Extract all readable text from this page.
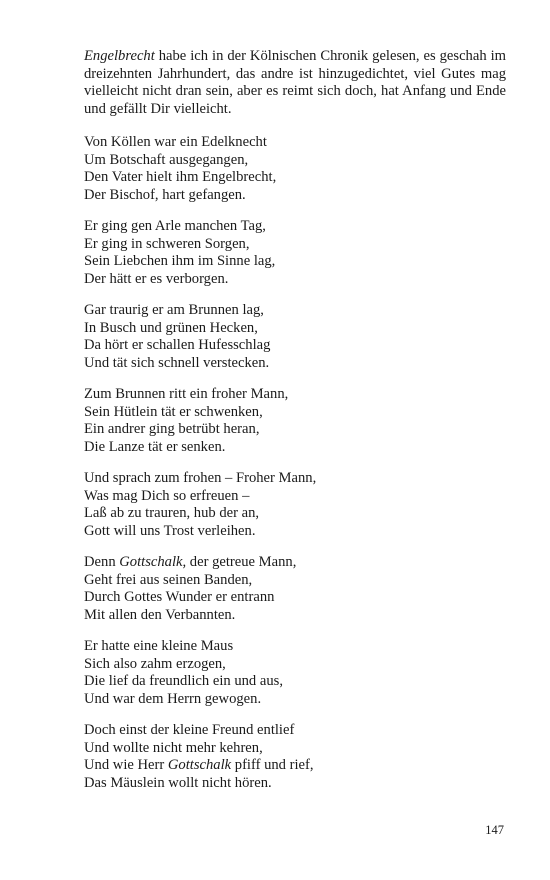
Engelbrecht habe ich in der Kölnischen Chronik gelesen, es geschah im dreizehnten Jahrhundert, das andre ist hinzugedichtet, viel Gutes mag vielleicht nicht dran sein, aber es reimt sich doch, hat Anfang und Ende und gefällt Dir vielleicht.

Von Köllen war ein Edelknecht
Um Botschaft ausgegangen,
Den Vater hielt ihm Engelbrecht,
Der Bischof, hart gefangen.
Er ging gen Arle manchen Tag,
Er ging in schweren Sorgen,
Sein Liebchen ihm im Sinne lag,
Der hätt er es verborgen.
Gar traurig er am Brunnen lag,
In Busch und grünen Hecken,
Da hört er schallen Hufesschlag
Und tät sich schnell verstecken.
Zum Brunnen ritt ein froher Mann,
Sein Hütlein tät er schwenken,
Ein andrer ging betrübt heran,
Die Lanze tät er senken.
Und sprach zum frohen – Froher Mann,
Was mag Dich so erfreuen –
Laß ab zu trauren, hub der an,
Gott will uns Trost verleihen.
Denn Gottschalk, der getreue Mann,
Geht frei aus seinen Banden,
Durch Gottes Wunder er entrann
Mit allen den Verbannten.
Er hatte eine kleine Maus
Sich also zahm erzogen,
Die lief da freundlich ein und aus,
Und war dem Herrn gewogen.
Doch einst der kleine Freund entlief
Und wollte nicht mehr kehren,
Und wie Herr Gottschalk pfiff und rief,
Das Mäuslein wollt nicht hören.
147
